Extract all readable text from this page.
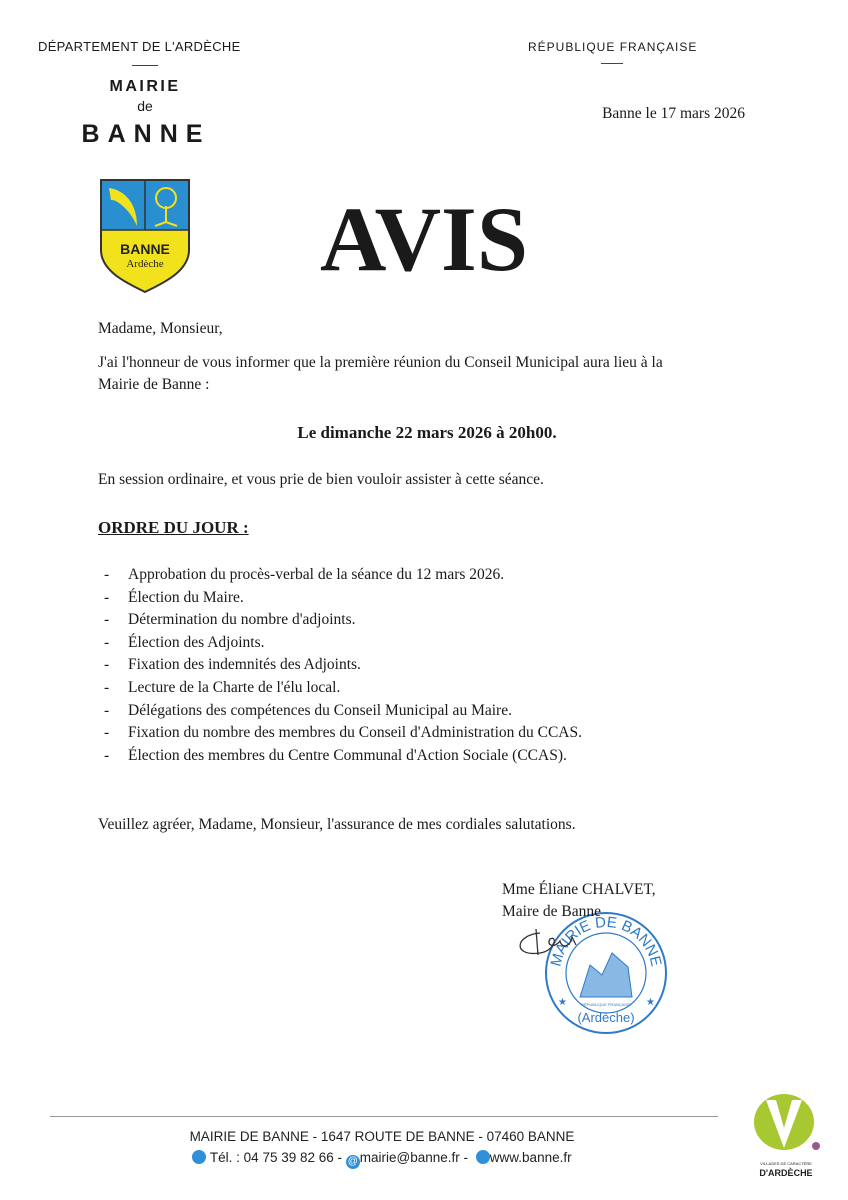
DÉPARTEMENT DE L'ARDÈCHE
MAIRIE
de
BANNE
RÉPUBLIQUE FRANÇAISE
Banne le 17 mars 2026
BANNE
Ardèche	AVIS
Madame, Monsieur,
J'ai l'honneur de vous informer que la première réunion du Conseil Municipal aura lieu à la
Mairie de Banne :
Le dimanche 22 mars 2026 à 20h00.
En session ordinaire, et vous prie de bien vouloir assister à cette séance.
ORDRE DU JOUR :
- Approbation du procès-verbal de la séance du 12 mars 2026.
- Élection du Maire.
- Détermination du nombre d'adjoints.
- Élection des Adjoints.
- Fixation des indemnités des Adjoints.
- Lecture de la Charte de l'élu local.
- Délégations des compétences du Conseil Municipal au Maire.
- Fixation du nombre des membres du Conseil d'Administration du CCAS.
- Élection des membres du Centre Communal d'Action Sociale (CCAS).
Veuillez agréer, Madame, Monsieur, l'assurance de mes cordiales salutations.
MAIRIE DE BANNE
(Ardèche)
RÉPUBLIQUE FRANÇAISE
★	★
Mme Éliane CHALVET,
Maire de Banne
MAIRIE DE BANNE - 1647 ROUTE DE BANNE - 07460 BANNE
Tél. : 04 75 39 82 66 - @ mairie@banne.fr - www.banne.fr	VILLAGES DE CARACTÈRE
D'ARDÈCHE
